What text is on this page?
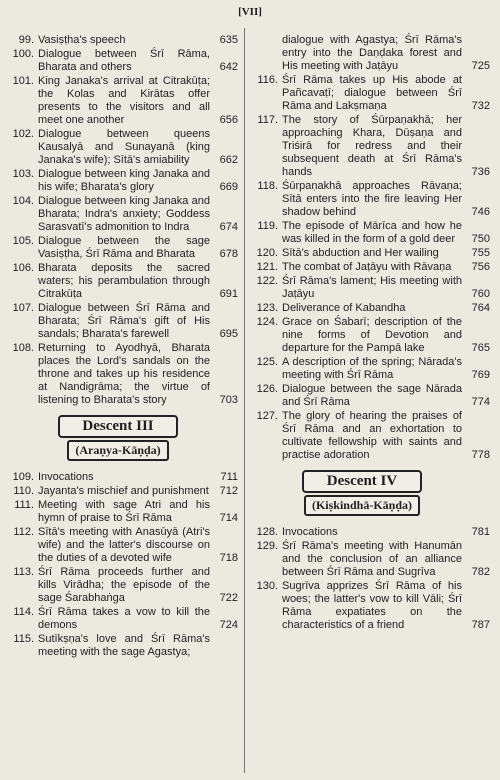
[VII]
99. Vasiṣṭha's speech	635
100. Dialogue between Śrī Rāma, Bharata and others	642
101. King Janaka's arrival at Citrakūṭa; the Kolas and Kirātas offer presents to the visitors and all meet one another	656
102. Dialogue between queens Kausalyā and Sunayanā (king Janaka's wife); Sītā's amiability	662
103. Dialogue between king Janaka and his wife; Bharata's glory	669
104. Dialogue between king Janaka and Bharata; Indra's anxiety; Goddess Sarasvatī's admonition to Indra	674
105. Dialogue between the sage Vasiṣṭha, Śrī Rāma and Bharata	678
106. Bharata deposits the sacred waters; his perambulation through Citrakūṭa	691
107. Dialogue between Śrī Rāma and Bharata; Śrī Rāma's gift of His sandals; Bharata's farewell	695
108. Returning to Ayodhyā, Bharata places the Lord's sandals on the throne and takes up his residence at Nandigrāma; the virtue of listening to Bharata's story	703
Descent III
(Araṇya-Kāṇḍa)
109. Invocations	711
110. Jayanta's mischief and punishment 712
111. Meeting with sage Atri and his hymn of praise to Śrī Rāma	714
112. Sītā's meeting with Anasūyā (Atri's wife) and the latter's discourse on the duties of a devoted wife	718
113. Śrī Rāma proceeds further and kills Virādha; the episode of the sage Śarabhaṅga	722
114. Śrī Rāma takes a vow to kill the demons	724
115. Sutīkṣṇa's love and Śrī Rāma's meeting with the sage Agastya;
dialogue with Agastya; Śrī Rāma's entry into the Daṇḍaka forest and His meeting with Jaṭāyu	725
116. Śrī Rāma takes up His abode at Pañcavaṭī; dialogue between Śrī Rāma and Lakṣmaṇa	732
117. The story of Śūrpaṇakhā; her approaching Khara, Dūṣaṇa and Triśirā for redress and their subsequent death at Śrī Rāma's hands	736
118. Śūrpaṇakhā approaches Rāvaṇa; Sītā enters into the fire leaving Her shadow behind	746
119. The episode of Mārīca and how he was killed in the form of a gold deer	750
120. Sītā's abduction and Her wailing	755
121. The combat of Jaṭāyu with Rāvaṇa	756
122. Śrī Rāma's lament; His meeting with Jaṭāyu	760
123. Deliverance of Kabandha	764
124. Grace on Śabarī; description of the nine forms of Devotion and departure for the Pampā lake	765
125. A description of the spring; Nārada's meeting with Śrī Rāma	769
126. Dialogue between the sage Nārada and Śrī Rāma	774
127. The glory of hearing the praises of Śrī Rāma and an exhortation to cultivate fellowship with saints and practise adoration	778
Descent IV
(Kiṣkindhā-Kāṇḍa)
128. Invocations	781
129. Śrī Rāma's meeting with Hanumān and the conclusion of an alliance between Śrī Rāma and Sugrīva	782
130. Sugrīva apprizes Śrī Rāma of his woes; the latter's vow to kill Vāli; Śrī Rāma expatiates on the characteristics of a friend	787
